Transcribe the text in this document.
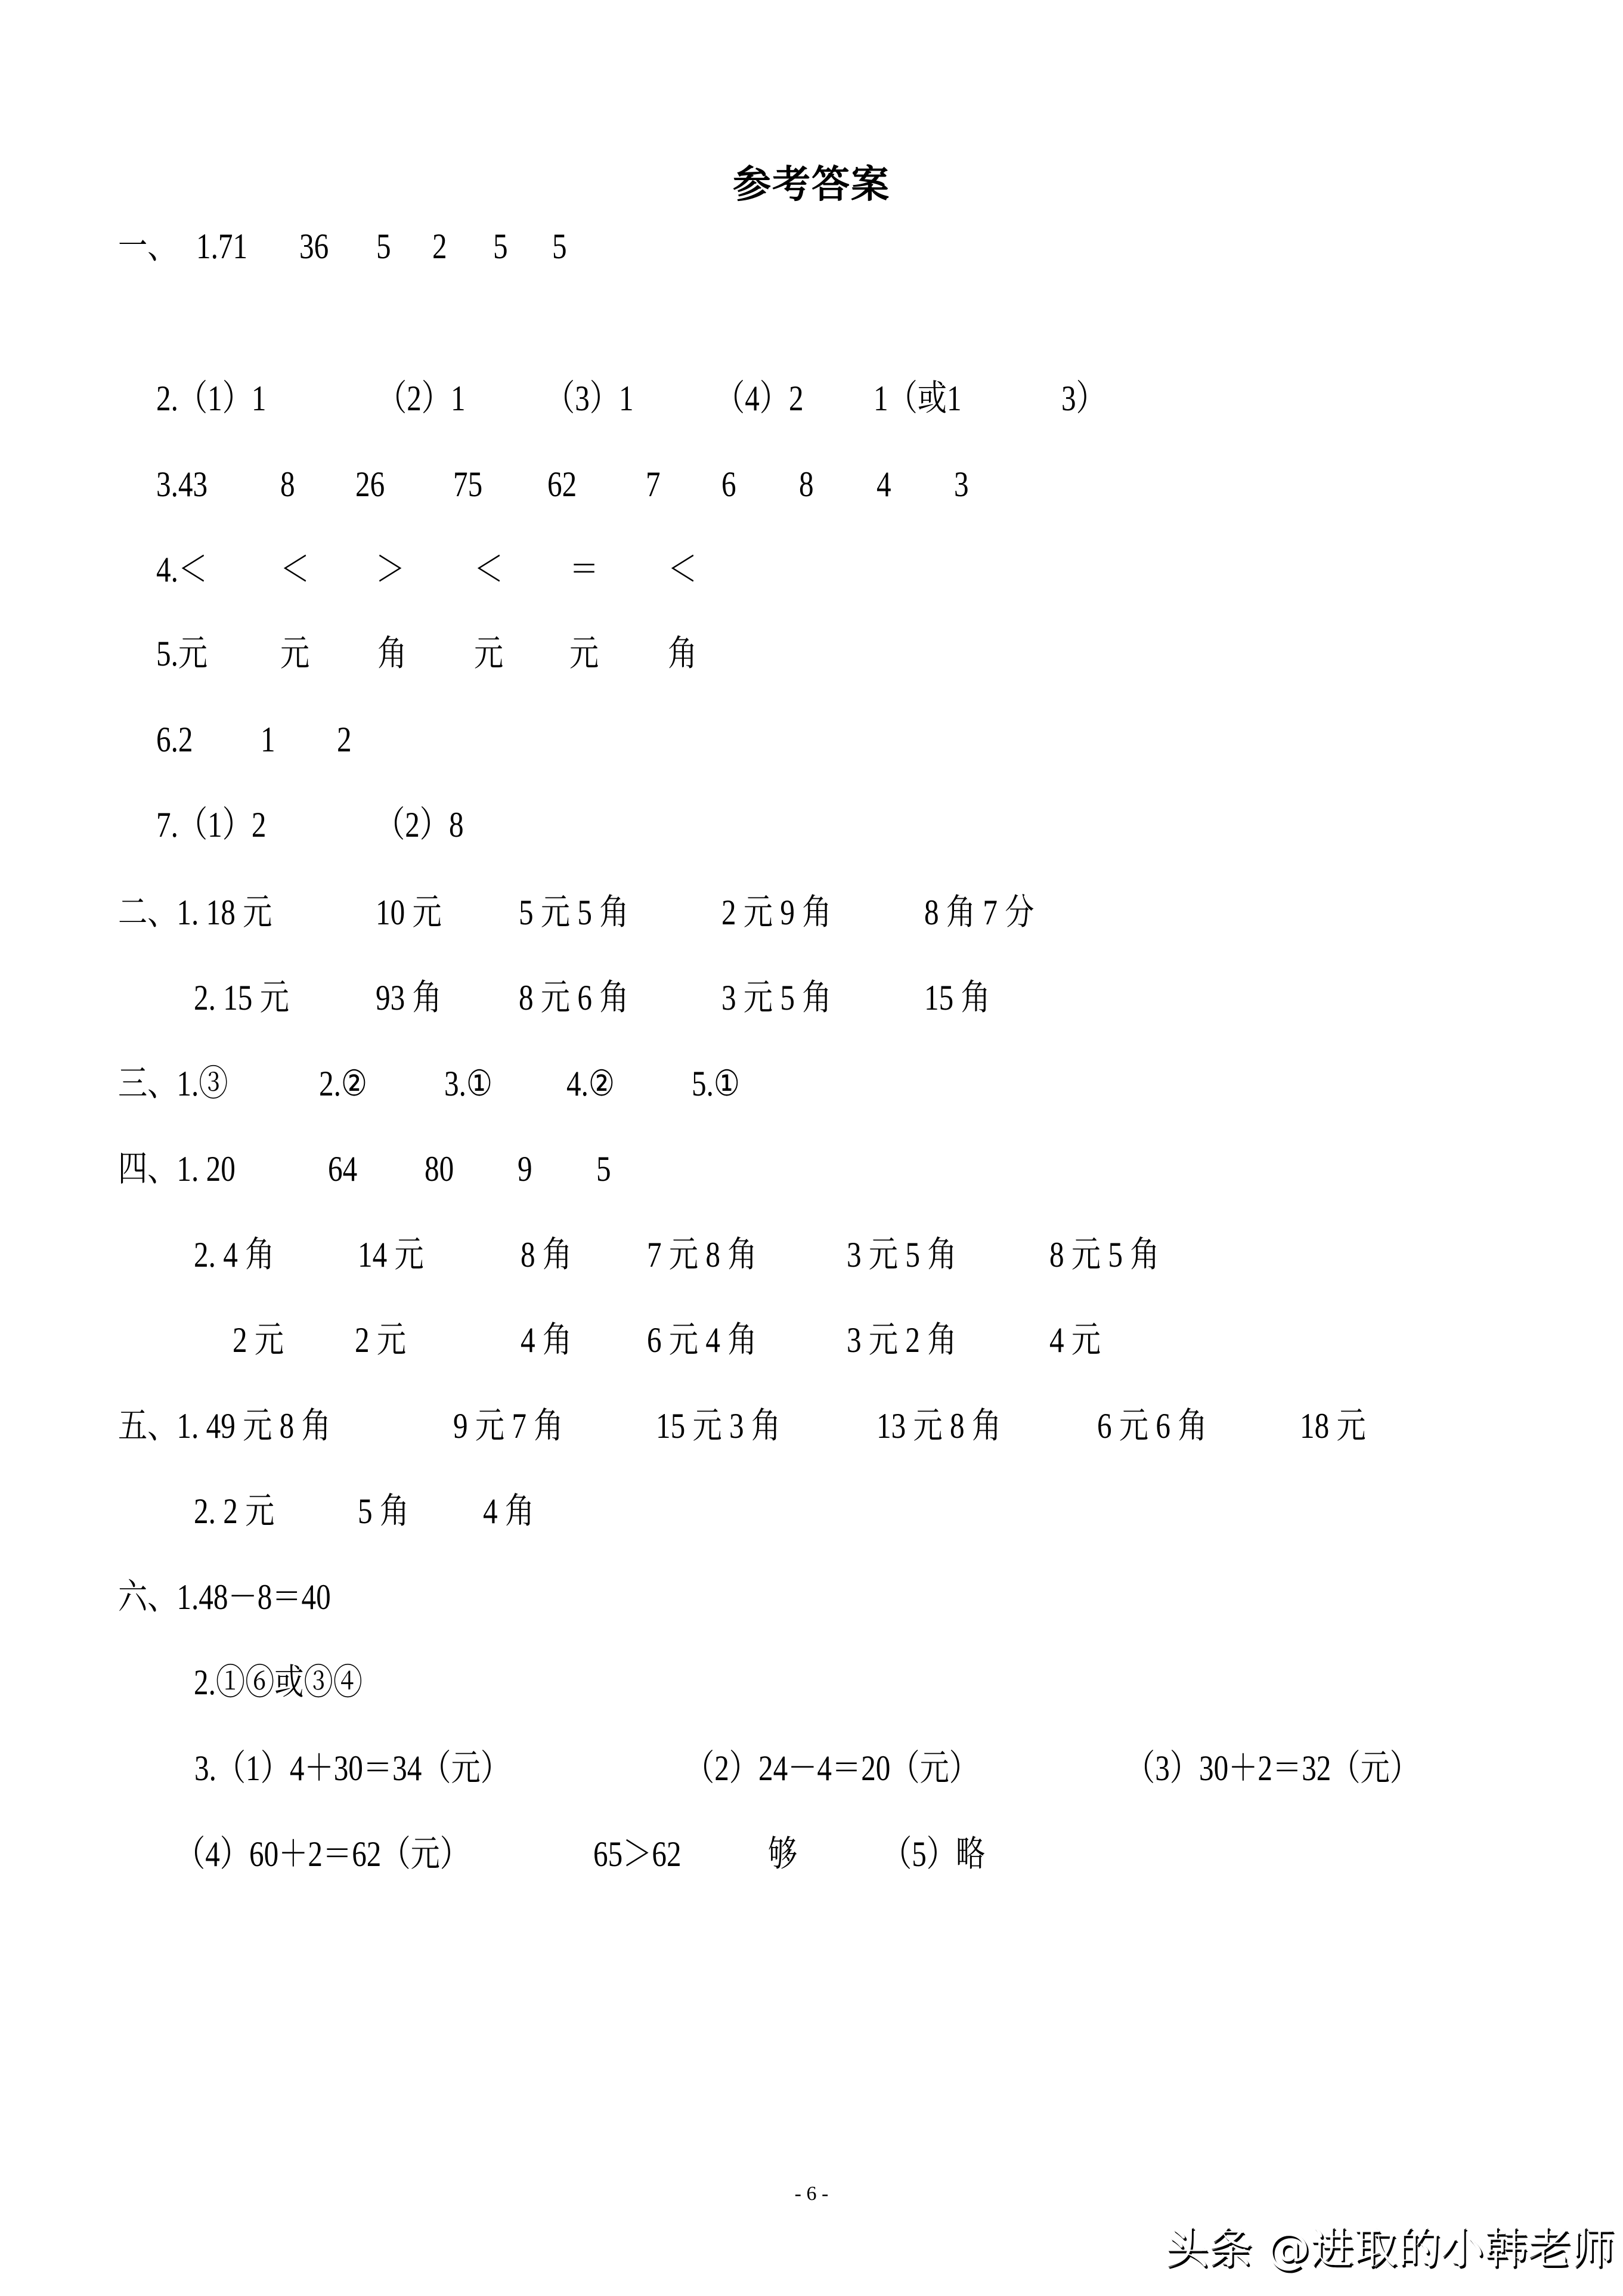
参考答案
一、 1.71 36 5 2 5 5
2.（1）1	（2）1 （3）1 （4）2 1（或1	3）
3.43 8 26 75 62 7 6 8 4 3
4.＜ ＜ ＞ ＜ ＝ ＜
5.元 元 角 元 元 角
6.2 1 2
7.（1）2	（2）8
二、1. 18 元	10 元 5 元 5 角	2 元 9 角	8 角 7 分
2. 15 元 93 角 8 元 6 角	3 元 5 角	15 角
三、1.③	2.② 3.① 4.② 5.①
四、1. 20	64 80 9 5
2. 4 角 14 元	8 角 7 元 8 角	3 元 5 角	8 元 5 角
2 元 2 元	4 角 6 元 4 角	3 元 2 角	4 元
五、1. 49 元 8 角	9 元 7 角	15 元 3 角	13 元 8 角	6 元 6 角	18 元
2. 2 元 5 角 4 角
六、1.48－8＝40
2.①⑥或③④
3.（1）4＋30＝34（元）	（2）24－4＝20（元）	（3）30＋2＝32（元）
（4）60＋2＝62（元）	65＞62 够 （5）略
- 6 -
头条 @进取的小韩老师
